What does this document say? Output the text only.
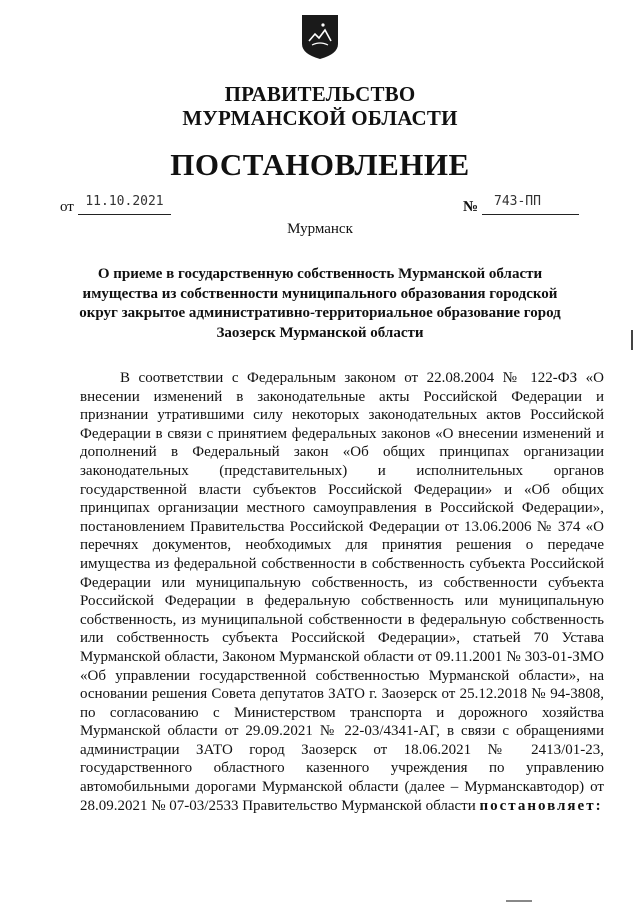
ПРАВИТЕЛЬСТВО
МУРМАНСКОЙ ОБЛАСТИ
ПОСТАНОВЛЕНИЕ
от 11.10.2021	№	743-ПП
Мурманск
О приеме в государственную собственность Мурманской области имущества из собственности муниципального образования городской округ закрытое административно-территориальное образование город Заозерск Мурманской области
В соответствии с Федеральным законом от 22.08.2004 № 122-ФЗ «О внесении изменений в законодательные акты Российской Федерации и признании утратившими силу некоторых законодательных актов Российской Федерации в связи с принятием федеральных законов «О внесении изменений и дополнений в Федеральный закон «Об общих принципах организации законодательных (представительных) и исполнительных органов государственной власти субъектов Российской Федерации» и «Об общих принципах организации местного самоуправления в Российской Федерации», постановлением Правительства Российской Федерации от 13.06.2006 № 374 «О перечнях документов, необходимых для принятия решения о передаче имущества из федеральной собственности в собственность субъекта Российской Федерации или муниципальную собственность, из собственности субъекта Российской Федерации в федеральную собственность или муниципальную собственность, из муниципальной собственности в федеральную собственность или собственность субъекта Российской Федерации», статьей 70 Устава Мурманской области, Законом Мурманской области от 09.11.2001 № 303-01-ЗМО «Об управлении государственной собственностью Мурманской области», на основании решения Совета депутатов ЗАТО г. Заозерск от 25.12.2018 № 94-3808, по согласованию с Министерством транспорта и дорожного хозяйства Мурманской области от 29.09.2021 № 22-03/4341-АГ, в связи с обращениями администрации ЗАТО город Заозерск от 18.06.2021 № 2413/01-23, государственного областного казенного учреждения по управлению автомобильными дорогами Мурманской области (далее – Мурманскавтодор) от 28.09.2021 № 07-03/2533 Правительство Мурманской области постановляет:
